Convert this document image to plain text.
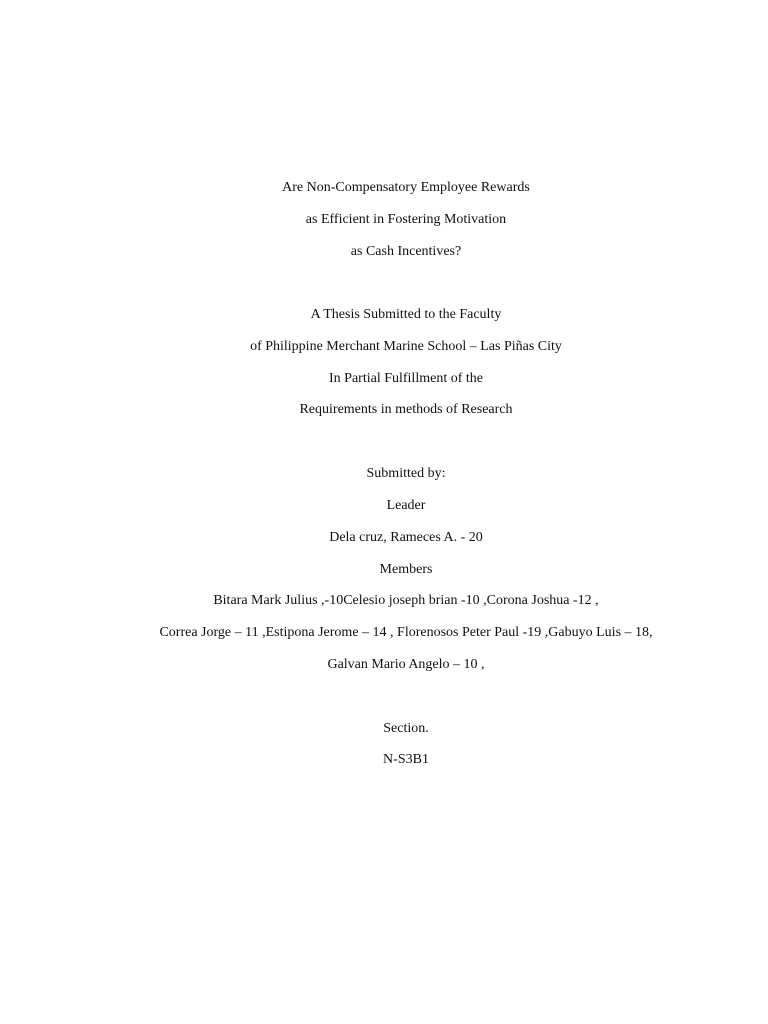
Are Non-Compensatory Employee Rewards
as Efficient in Fostering Motivation
as Cash Incentives?
A Thesis Submitted to the Faculty
of Philippine Merchant Marine School – Las Piñas City
In Partial Fulfillment of the
Requirements in methods of Research
Submitted by:
Leader
Dela cruz, Rameces A. - 20
Members
Bitara Mark Julius ,-10Celesio joseph brian -10 ,Corona Joshua -12 ,
Correa Jorge – 11 ,Estipona Jerome – 14 , Florenosos Peter Paul -19 ,Gabuyo Luis – 18,
Galvan Mario Angelo – 10 ,
Section.
N-S3B1
